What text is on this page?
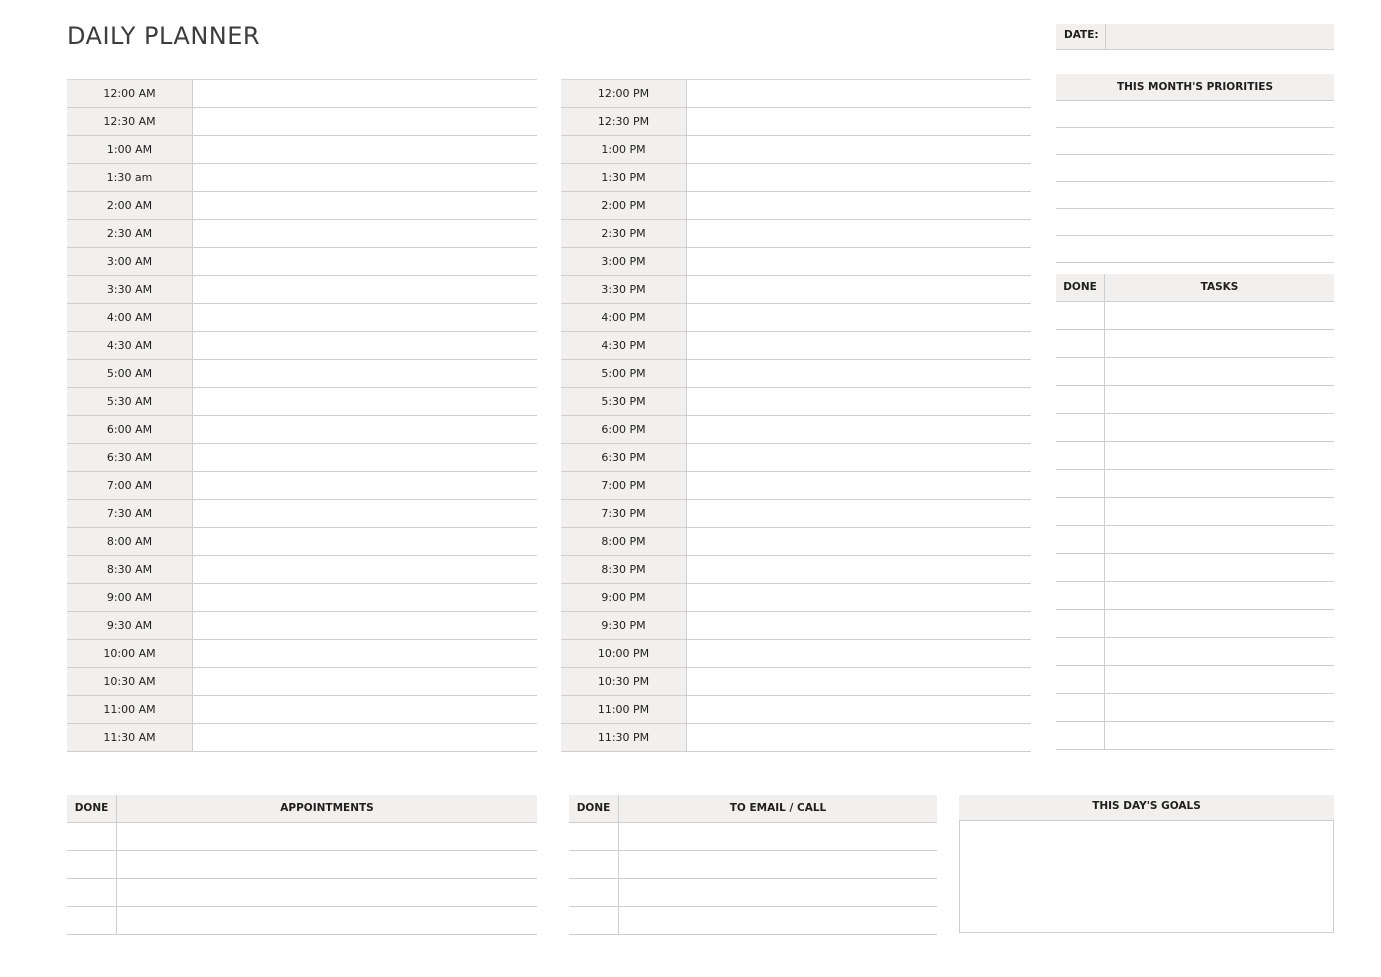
DAILY PLANNER	DATE:
12:00 AM
12:30 AM
1:00 AM
1:30 am
2:00 AM
2:30 AM
3:00 AM
3:30 AM
4:00 AM
4:30 AM
5:00 AM
5:30 AM
6:00 AM
6:30 AM
7:00 AM
7:30 AM
8:00 AM
8:30 AM
9:00 AM
9:30 AM
10:00 AM
10:30 AM
11:00 AM
11:30 AM
12:00 PM
12:30 PM
1:00 PM
1:30 PM
2:00 PM
2:30 PM
3:00 PM
3:30 PM
4:00 PM
4:30 PM
5:00 PM
5:30 PM
6:00 PM
6:30 PM
7:00 PM
7:30 PM
8:00 PM
8:30 PM
9:00 PM
9:30 PM
10:00 PM
10:30 PM
11:00 PM
11:30 PM
THIS MONTH'S PRIORITIES
DONE	TASKS
DONE	APPOINTMENTS	DONE	TO EMAIL / CALL	THIS DAY'S GOALS
